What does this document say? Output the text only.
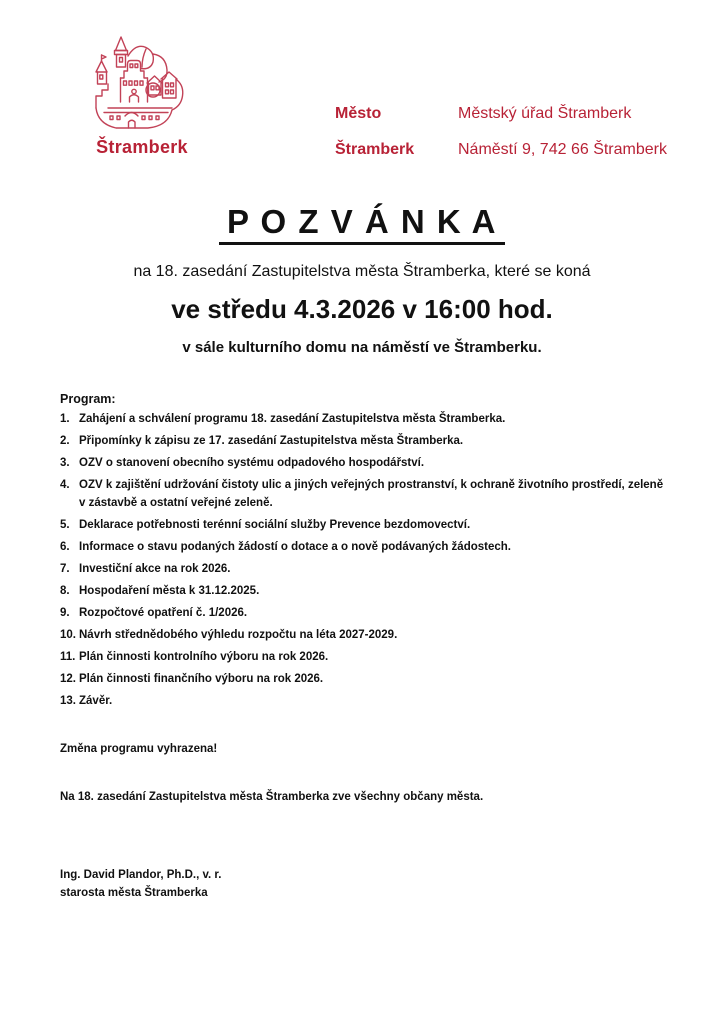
Štramberk
Město	Městský úřad Štramberk
Štramberk	Náměstí 9, 742 66 Štramberk
P O Z V Á N K A
na 18. zasedání Zastupitelstva města Štramberka, které se koná
ve středu 4.3.2026 v 16:00 hod.
v sále kulturního domu na náměstí ve Štramberku.
Program:
1. Zahájení a schválení programu 18. zasedání Zastupitelstva města Štramberka.
2. Připomínky k zápisu ze 17. zasedání Zastupitelstva města Štramberka.
3. OZV o stanovení obecního systému odpadového hospodářství.
4. OZV k zajištění udržování čistoty ulic a jiných veřejných prostranství, k ochraně životního prostředí, zeleně v zástavbě a ostatní veřejné zeleně.
5. Deklarace potřebnosti terénní sociální služby Prevence bezdomovectví.
6. Informace o stavu podaných žádostí o dotace a o nově podávaných žádostech.
7. Investiční akce na rok 2026.
8. Hospodaření města k 31.12.2025.
9. Rozpočtové opatření č. 1/2026.
10. Návrh střednědobého výhledu rozpočtu na léta 2027-2029.
11. Plán činnosti kontrolního výboru na rok 2026.
12. Plán činnosti finančního výboru na rok 2026.
13. Závěr.
Změna programu vyhrazena!
Na 18. zasedání Zastupitelstva města Štramberka zve všechny občany města.
Ing. David Plandor, Ph.D., v. r.
starosta města Štramberka
